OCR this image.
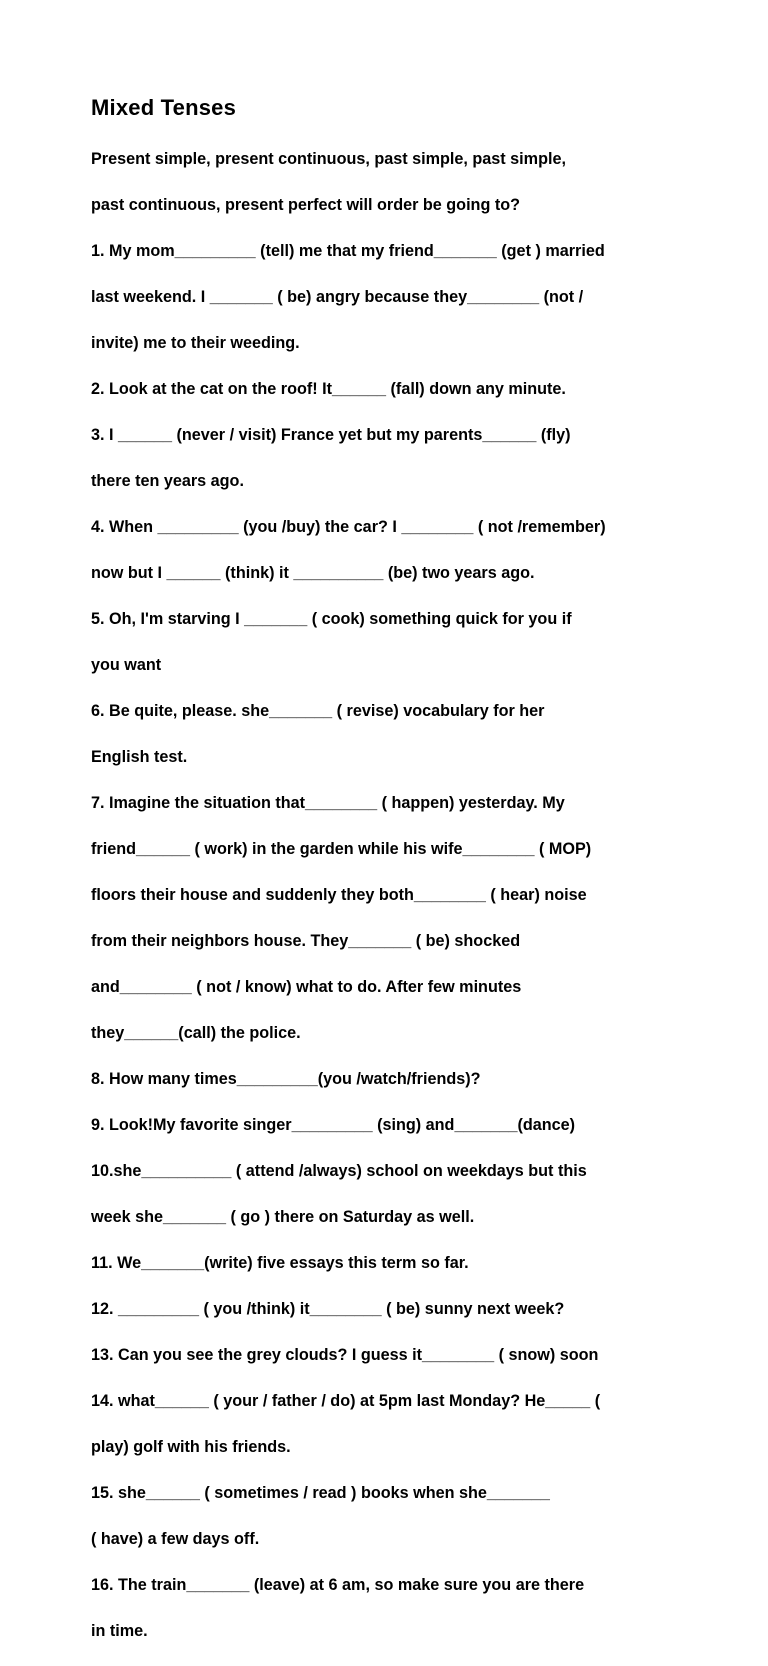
Mixed Tenses

Present simple, present continuous, past simple, past simple,

past continuous, present perfect will order be going to?

1. My mom_________ (tell) me that my friend_______ (get ) married

last weekend. I _______ ( be) angry because they________ (not /

invite) me to their weeding.

2. Look at the cat on the roof! It______ (fall) down any minute.

3. I ______ (never / visit) France yet but my parents______ (fly)

there ten years ago.

4. When _________ (you /buy) the car? I ________ ( not /remember)

now but I ______ (think) it __________ (be) two years ago.

5. Oh, I'm starving I _______ ( cook) something quick for you if

you want

6. Be quite, please. she_______ ( revise) vocabulary for her

English test.

7. Imagine the situation that________ ( happen) yesterday. My

friend______ ( work) in the garden while his wife________ ( MOP)

floors their house and suddenly they both________ ( hear) noise

from their neighbors house. They_______ ( be) shocked

and________ ( not / know) what to do. After few minutes

they______(call) the police.

8. How many times_________(you /watch/friends)?

9. Look!My favorite singer_________ (sing) and_______(dance)

10.she__________ ( attend /always) school on weekdays but this

week she_______ ( go ) there on Saturday as well.

11. We_______(write) five essays this term so far.

12. _________ ( you /think) it________ ( be) sunny next week?

13. Can you see the grey clouds? I guess it________ ( snow) soon

14. what______ ( your / father / do) at 5pm last Monday? He_____ (

play) golf with his friends.

15. she______ ( sometimes / read ) books when she_______

( have) a few days off.

16. The train_______ (leave) at 6 am, so make sure you are there

in time.
